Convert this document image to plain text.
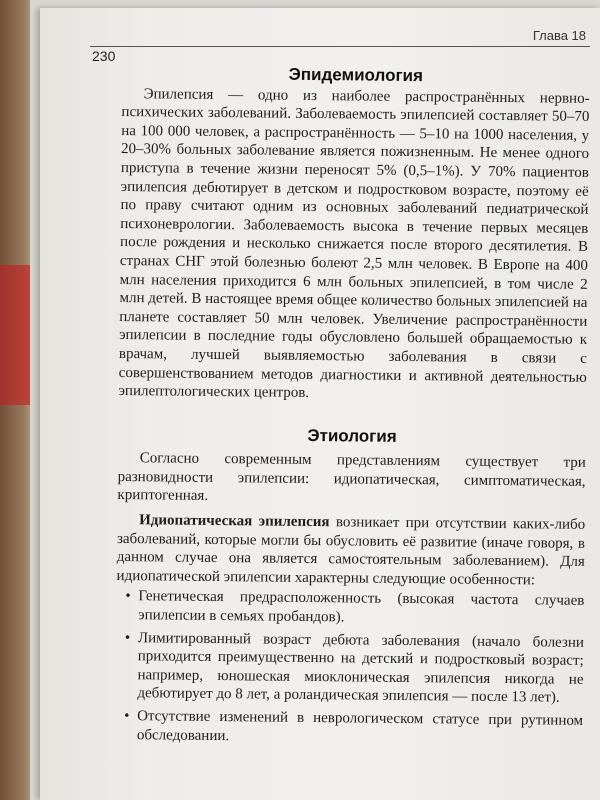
Глава 18
230
Эпидемиология

Эпилепсия — одно из наиболее распространённых нервно-психических заболеваний. Заболеваемость эпилепсией составляет 50–70 на 100 000 человек, а распространённость — 5–10 на 1000 населения, у 20–30% больных заболевание является пожизненным. Не менее одного приступа в течение жизни переносят 5% (0,5–1%). У 70% пациентов эпилепсия дебютирует в детском и подростковом возрасте, поэтому её по праву считают одним из основных заболеваний педиатрической психоневрологии. Заболеваемость высока в течение первых месяцев после рождения и несколько снижается после второго десятилетия. В странах СНГ этой болезнью болеют 2,5 млн человек. В Европе на 400 млн населения приходится 6 млн больных эпилепсией, в том числе 2 млн детей. В настоящее время общее количество больных эпилепсией на планете составляет 50 млн человек. Увеличение распространённости эпилепсии в последние годы обусловлено большей обращаемостью к врачам, лучшей выявляемостью заболевания в связи с совершенствованием методов диагностики и активной деятельностью эпилептологических центров.

Этиология

Согласно современным представлениям существует три разновидности эпилепсии: идиопатическая, симптоматическая, криптогенная.

Идиопатическая эпилепсия возникает при отсутствии каких-либо заболеваний, которые могли бы обусловить её развитие (иначе говоря, в данном случае она является самостоятельным заболеванием). Для идиопатической эпилепсии характерны следующие особенности:

• Генетическая предрасположенность (высокая частота случаев эпилепсии в семьях пробандов).
• Лимитированный возраст дебюта заболевания (начало болезни приходится преимущественно на детский и подростковый возраст; например, юношеская миоклоническая эпилепсия никогда не дебютирует до 8 лет, а роландическая эпилепсия — после 13 лет).
• Отсутствие изменений в неврологическом статусе при рутинном обследовании.
